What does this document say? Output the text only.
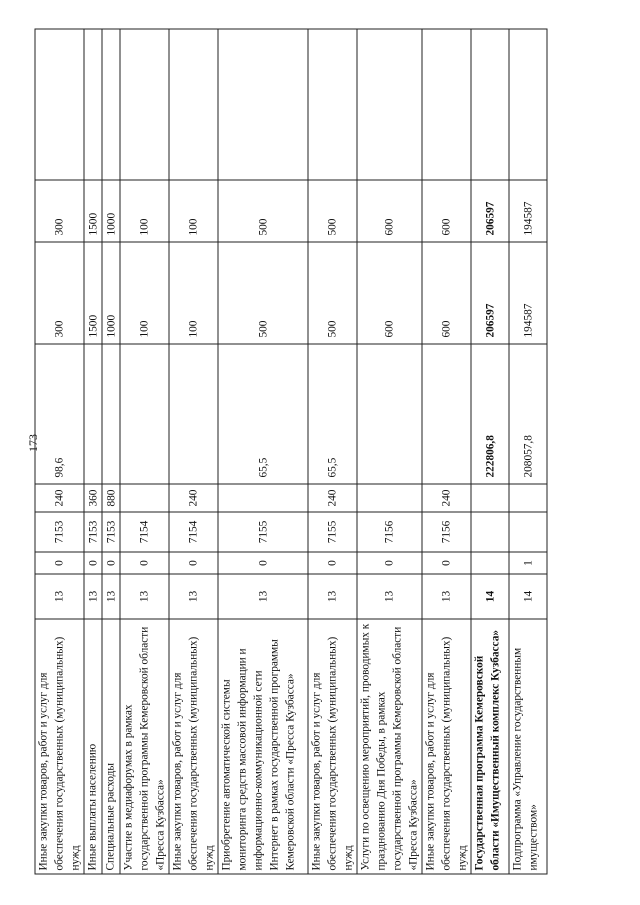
173
Иные закупки товаров, работ и услуг для обеспечения государственных (муниципальных) нужд	13	0	7153	240	98,6	300	300	
Иные выплаты населению	13	0	7153	360		1500	1500	
Специальные расходы	13	0	7153	880		1000	1000	
Участие в медиафорумах в рамках государственной программы Кемеровской области «Пресса Кузбасса»	13	0	7154			100	100	
Иные закупки товаров, работ и услуг для обеспечения государственных (муниципальных) нужд	13	0	7154	240		100	100	
Приобретение автоматической системы мониторинга средств массовой информации и информационно-коммуникационной сети Интернет в рамках государственной программы Кемеровской области «Пресса Кузбасса»	13	0	7155		65,5	500	500	
Иные закупки товаров, работ и услуг для обеспечения государственных (муниципальных) нужд	13	0	7155	240	65,5	500	500	
Услуги по освещению мероприятий, проводимых к празднованию Дня Победы, в рамках государственной программы Кемеровской области «Пресса Кузбасса»	13	0	7156			600	600	
Иные закупки товаров, работ и услуг для обеспечения государственных (муниципальных) нужд	13	0	7156	240		600	600	
Государственная программа Кемеровской области «Имущественный комплекс Кузбасса»	14				222806,8	206597	206597	
Подпрограмма «Управление государственным имуществом»	14	1			208057,8	194587	194587	
